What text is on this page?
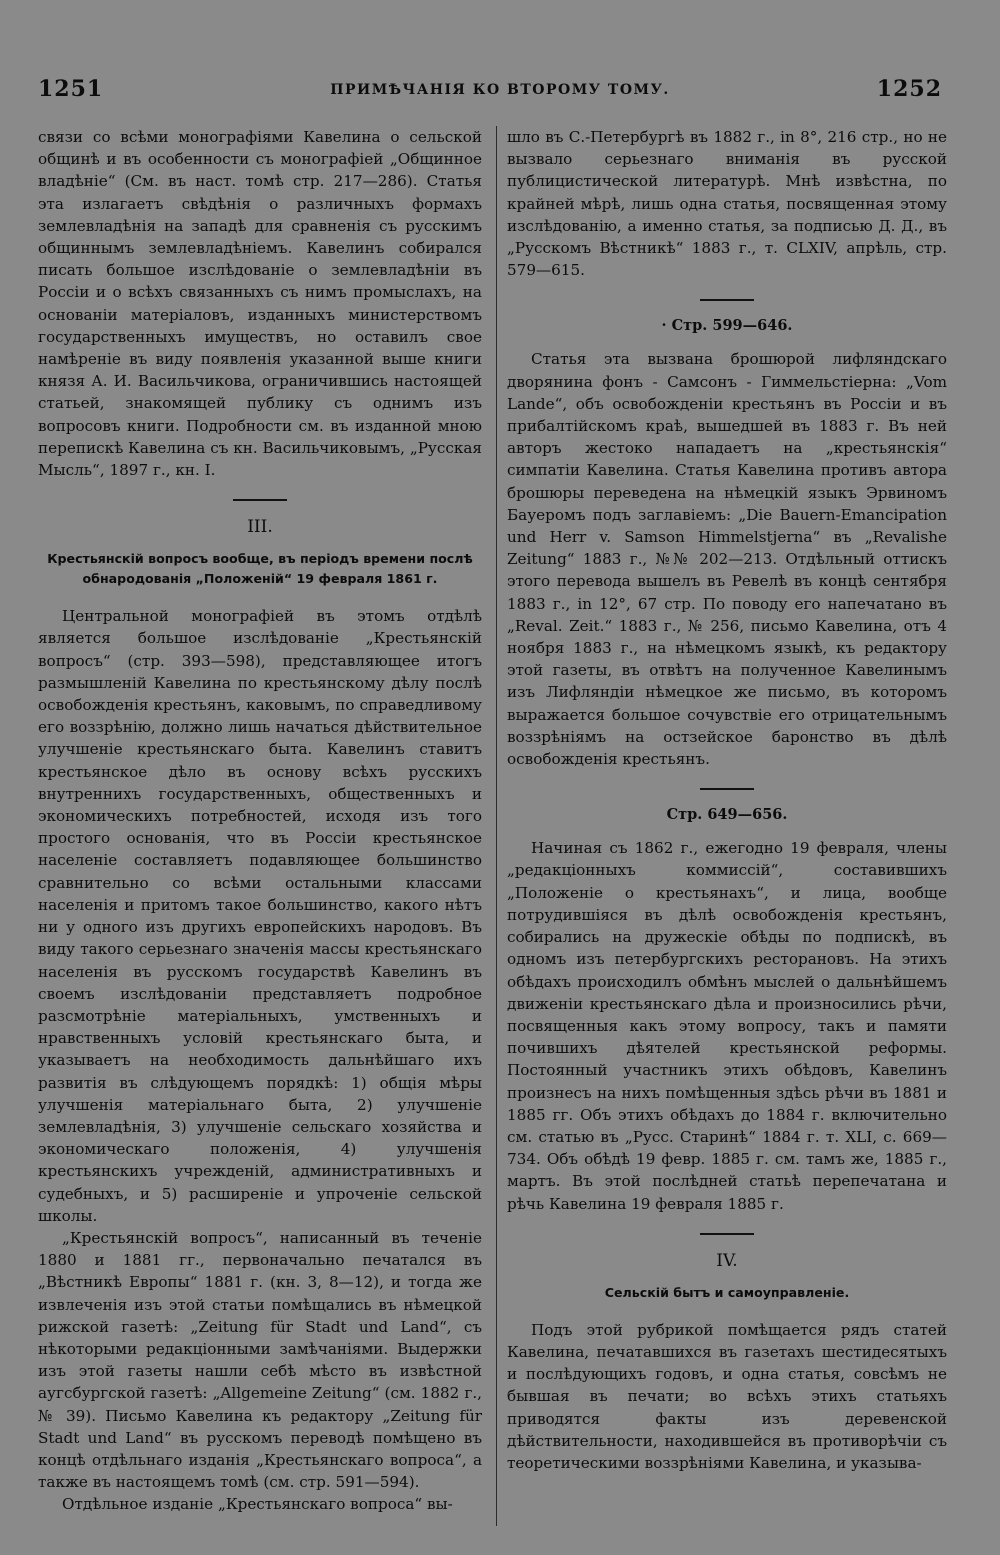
1251	ПРИМѢЧАНІЯ КО ВТОРОМУ ТОМУ.	1252

связи со всѣми монографіями Кавелина о сельской общинѣ и въ особенности съ монографіей „Общинное владѣніе“ (См. въ наст. томѣ стр. 217—286). Статья эта излагаетъ свѣдѣнія о различныхъ формахъ землевладѣнія на западѣ для сравненія съ русскимъ общиннымъ землевладѣніемъ. Кавелинъ собирался писать большое изслѣдованіе о землевладѣніи въ Россіи и о всѣхъ связанныхъ съ нимъ промыслахъ, на основаніи матеріаловъ, изданныхъ министерствомъ государственныхъ имуществъ, но оставилъ свое намѣреніе въ виду появленія указанной выше книги князя А. И. Васильчикова, ограничившись настоящей статьей, знакомящей публику съ однимъ изъ вопросовъ книги. Подробности см. въ изданной мною перепискѣ Кавелина съ кн. Васильчиковымъ, „Русская Мысль“, 1897 г., кн. I.

III.
Крестьянскій вопросъ вообще, въ періодъ времени послѣ обнародованія „Положеній“ 19 февраля 1861 г.

Центральной монографіей въ этомъ отдѣлѣ является большое изслѣдованіе „Крестьянскій вопросъ“ (стр. 393—598), представляющее итогъ размышленій Кавелина по крестьянскому дѣлу послѣ освобожденія крестьянъ, каковымъ, по справедливому его воззрѣнію, должно лишь начаться дѣйствительное улучшеніе крестьянскаго быта. Кавелинъ ставитъ крестьянское дѣло въ основу всѣхъ русскихъ внутреннихъ государственныхъ, общественныхъ и экономическихъ потребностей, исходя изъ того простого основанія, что въ Россіи крестьянское населеніе составляетъ подавляющее большинство сравнительно со всѣми остальными классами населенія и притомъ такое большинство, какого нѣтъ ни у одного изъ другихъ европейскихъ народовъ. Въ виду такого серьезнаго значенія массы крестьянскаго населенія въ русскомъ государствѣ Кавелинъ въ своемъ изслѣдованіи представляетъ подробное разсмотрѣніе матеріальныхъ, умственныхъ и нравственныхъ условій крестьянскаго быта, и указываетъ на необходимость дальнѣйшаго ихъ развитія въ слѣдующемъ порядкѣ: 1) общія мѣры улучшенія матеріальнаго быта, 2) улучшеніе землевладѣнія, 3) улучшеніе сельскаго хозяйства и экономическаго положенія, 4) улучшенія крестьянскихъ учрежденій, административныхъ и судебныхъ, и 5) расширеніе и упроченіе сельской школы.

„Крестьянскій вопросъ“, написанный въ теченіе 1880 и 1881 гг., первоначально печатался въ „Вѣстникѣ Европы“ 1881 г. (кн. 3, 8—12), и тогда же извлеченія изъ этой статьи помѣщались въ нѣмецкой рижской газетѣ: „Zeitung für Stadt und Land“, съ нѣкоторыми редакціонными замѣчаніями. Выдержки изъ этой газеты нашли себѣ мѣсто въ извѣстной аугсбургской газетѣ: „Allgemeine Zeitung“ (см. 1882 г., № 39). Письмо Кавелина къ редактору „Zeitung für Stadt und Land“ въ русскомъ переводѣ помѣщено въ концѣ отдѣльнаго изданія „Крестьянскаго вопроса“, а также въ настоящемъ томѣ (см. стр. 591—594).

Отдѣльное изданіе „Крестьянскаго вопроса“ вы-

шло въ С.-Петербургѣ въ 1882 г., in 8°, 216 стр., но не вызвало серьезнаго вниманія въ русской публицистической литературѣ. Мнѣ извѣстна, по крайней мѣрѣ, лишь одна статья, посвященная этому изслѣдованію, а именно статья, за подписью Д. Д., въ „Русскомъ Вѣстникѣ“ 1883 г., т. CLXIV, апрѣль, стр. 579—615.

· Стр. 599—646.

Статья эта вызвана брошюрой лифляндскаго дворянина фонъ - Самсонъ - Гиммельстіерна: „Vom Lande“, объ освобожденіи крестьянъ въ Россіи и въ прибалтійскомъ краѣ, вышедшей въ 1883 г. Въ ней авторъ жестоко нападаетъ на „крестьянскія“ симпатіи Кавелина. Статья Кавелина противъ автора брошюры переведена на нѣмецкій языкъ Эрвиномъ Бауеромъ подъ заглавіемъ: „Die Bauern-Emancipation und Herr v. Samson Himmelstjerna“ въ „Revalishe Zeitung“ 1883 г., №№ 202—213. Отдѣльный оттискъ этого перевода вышелъ въ Ревелѣ въ концѣ сентября 1883 г., in 12°, 67 стр. По поводу его напечатано въ „Reval. Zeit.“ 1883 г., № 256, письмо Кавелина, отъ 4 ноября 1883 г., на нѣмецкомъ языкѣ, къ редактору этой газеты, въ отвѣтъ на полученное Кавелинымъ изъ Лифляндіи нѣмецкое же письмо, въ которомъ выражается большое сочувствіе его отрицательнымъ воззрѣніямъ на остзейское баронство въ дѣлѣ освобожденія крестьянъ.

Стр. 649—656.

Начиная съ 1862 г., ежегодно 19 февраля, члены „редакціонныхъ коммиссій“, составившихъ „Положеніе о крестьянахъ“, и лица, вообще потрудившіяся въ дѣлѣ освобожденія крестьянъ, собирались на дружескіе обѣды по подпискѣ, въ одномъ изъ петербургскихъ ресторановъ. На этихъ обѣдахъ происходилъ обмѣнъ мыслей о дальнѣйшемъ движеніи крестьянскаго дѣла и произносились рѣчи, посвященныя какъ этому вопросу, такъ и памяти почившихъ дѣятелей крестьянской реформы. Постоянный участникъ этихъ обѣдовъ, Кавелинъ произнесъ на нихъ помѣщенныя здѣсь рѣчи въ 1881 и 1885 гг. Объ этихъ обѣдахъ до 1884 г. включительно см. статью въ „Русс. Старинѣ“ 1884 г. т. XLI, с. 669—734. Объ обѣдѣ 19 февр. 1885 г. см. тамъ же, 1885 г., мартъ. Въ этой послѣдней статьѣ перепечатана и рѣчь Кавелина 19 февраля 1885 г.

IV.
Сельскій бытъ и самоуправленіе.

Подъ этой рубрикой помѣщается рядъ статей Кавелина, печатавшихся въ газетахъ шестидесятыхъ и послѣдующихъ годовъ, и одна статья, совсѣмъ не бывшая въ печати; во всѣхъ этихъ статьяхъ приводятся факты изъ деревенской дѣйствительности, находившейся въ противорѣчіи съ теоретическими воззрѣніями Кавелина, и указыва-
